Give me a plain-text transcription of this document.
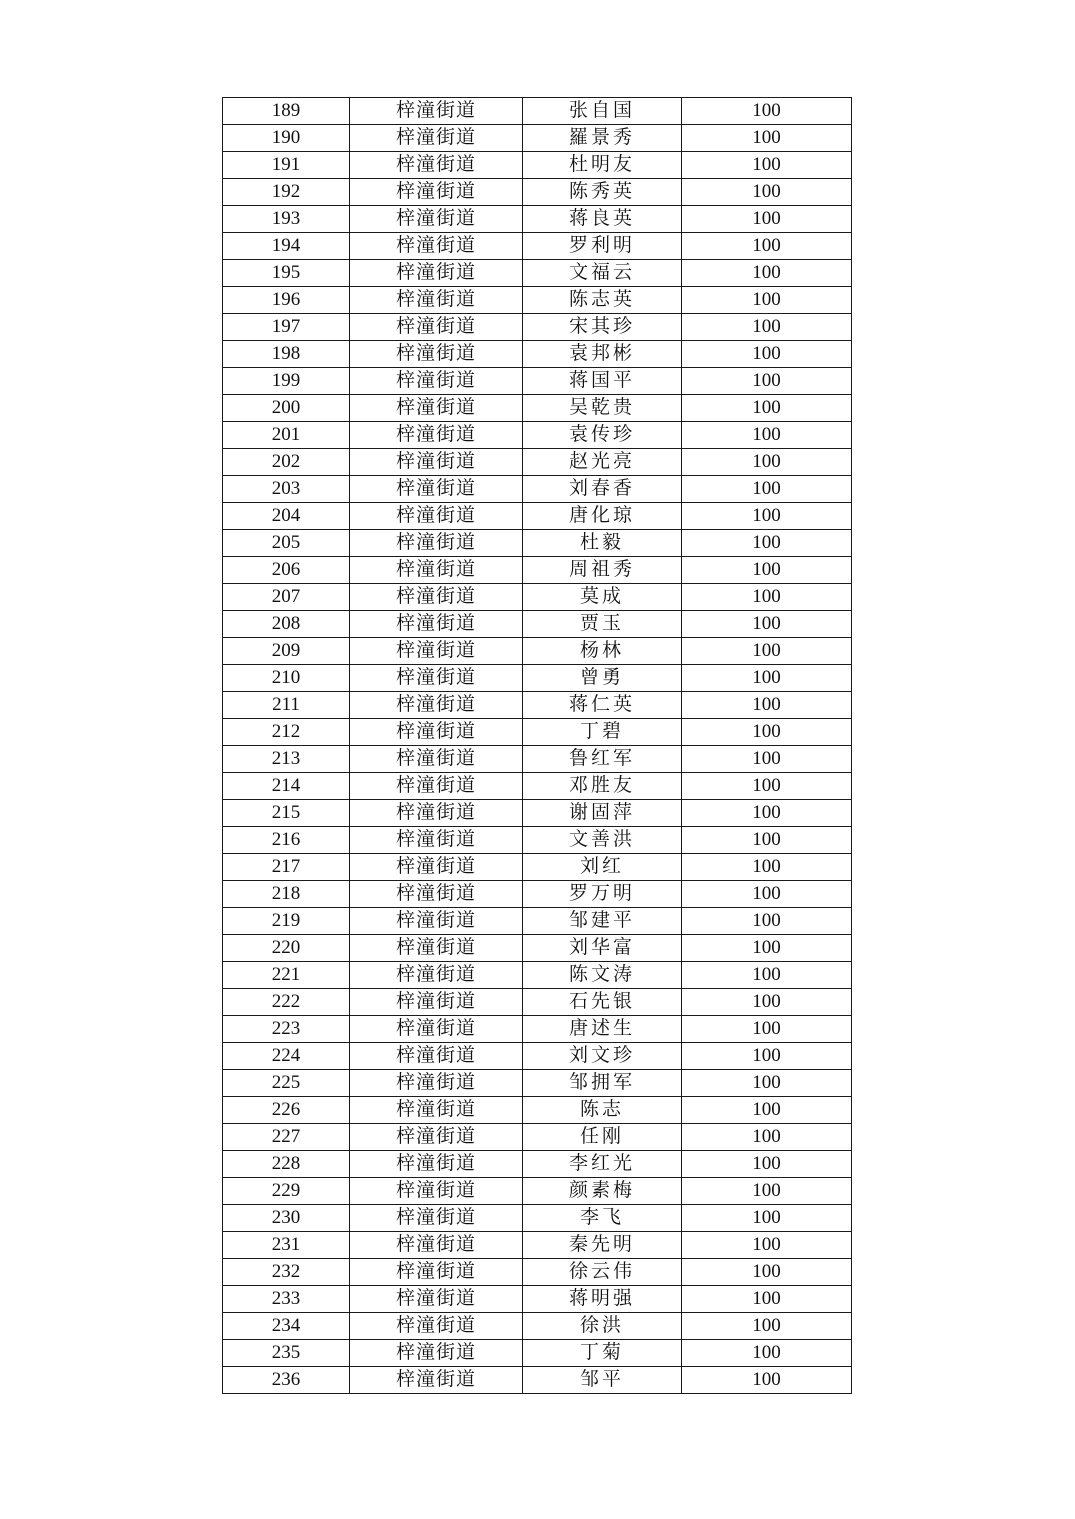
189	梓潼街道	张自国	100
190	梓潼街道	羅景秀	100
191	梓潼街道	杜明友	100
192	梓潼街道	陈秀英	100
193	梓潼街道	蒋良英	100
194	梓潼街道	罗利明	100
195	梓潼街道	文福云	100
196	梓潼街道	陈志英	100
197	梓潼街道	宋其珍	100
198	梓潼街道	袁邦彬	100
199	梓潼街道	蒋国平	100
200	梓潼街道	吴乾贵	100
201	梓潼街道	袁传珍	100
202	梓潼街道	赵光亮	100
203	梓潼街道	刘春香	100
204	梓潼街道	唐化琼	100
205	梓潼街道	杜毅	100
206	梓潼街道	周祖秀	100
207	梓潼街道	莫成	100
208	梓潼街道	贾玉	100
209	梓潼街道	杨林	100
210	梓潼街道	曾勇	100
211	梓潼街道	蒋仁英	100
212	梓潼街道	丁碧	100
213	梓潼街道	鲁红军	100
214	梓潼街道	邓胜友	100
215	梓潼街道	谢固萍	100
216	梓潼街道	文善洪	100
217	梓潼街道	刘红	100
218	梓潼街道	罗万明	100
219	梓潼街道	邹建平	100
220	梓潼街道	刘华富	100
221	梓潼街道	陈文涛	100
222	梓潼街道	石先银	100
223	梓潼街道	唐述生	100
224	梓潼街道	刘文珍	100
225	梓潼街道	邹拥军	100
226	梓潼街道	陈志	100
227	梓潼街道	任刚	100
228	梓潼街道	李红光	100
229	梓潼街道	颜素梅	100
230	梓潼街道	李飞	100
231	梓潼街道	秦先明	100
232	梓潼街道	徐云伟	100
233	梓潼街道	蒋明强	100
234	梓潼街道	徐洪	100
235	梓潼街道	丁菊	100
236	梓潼街道	邹平	100
